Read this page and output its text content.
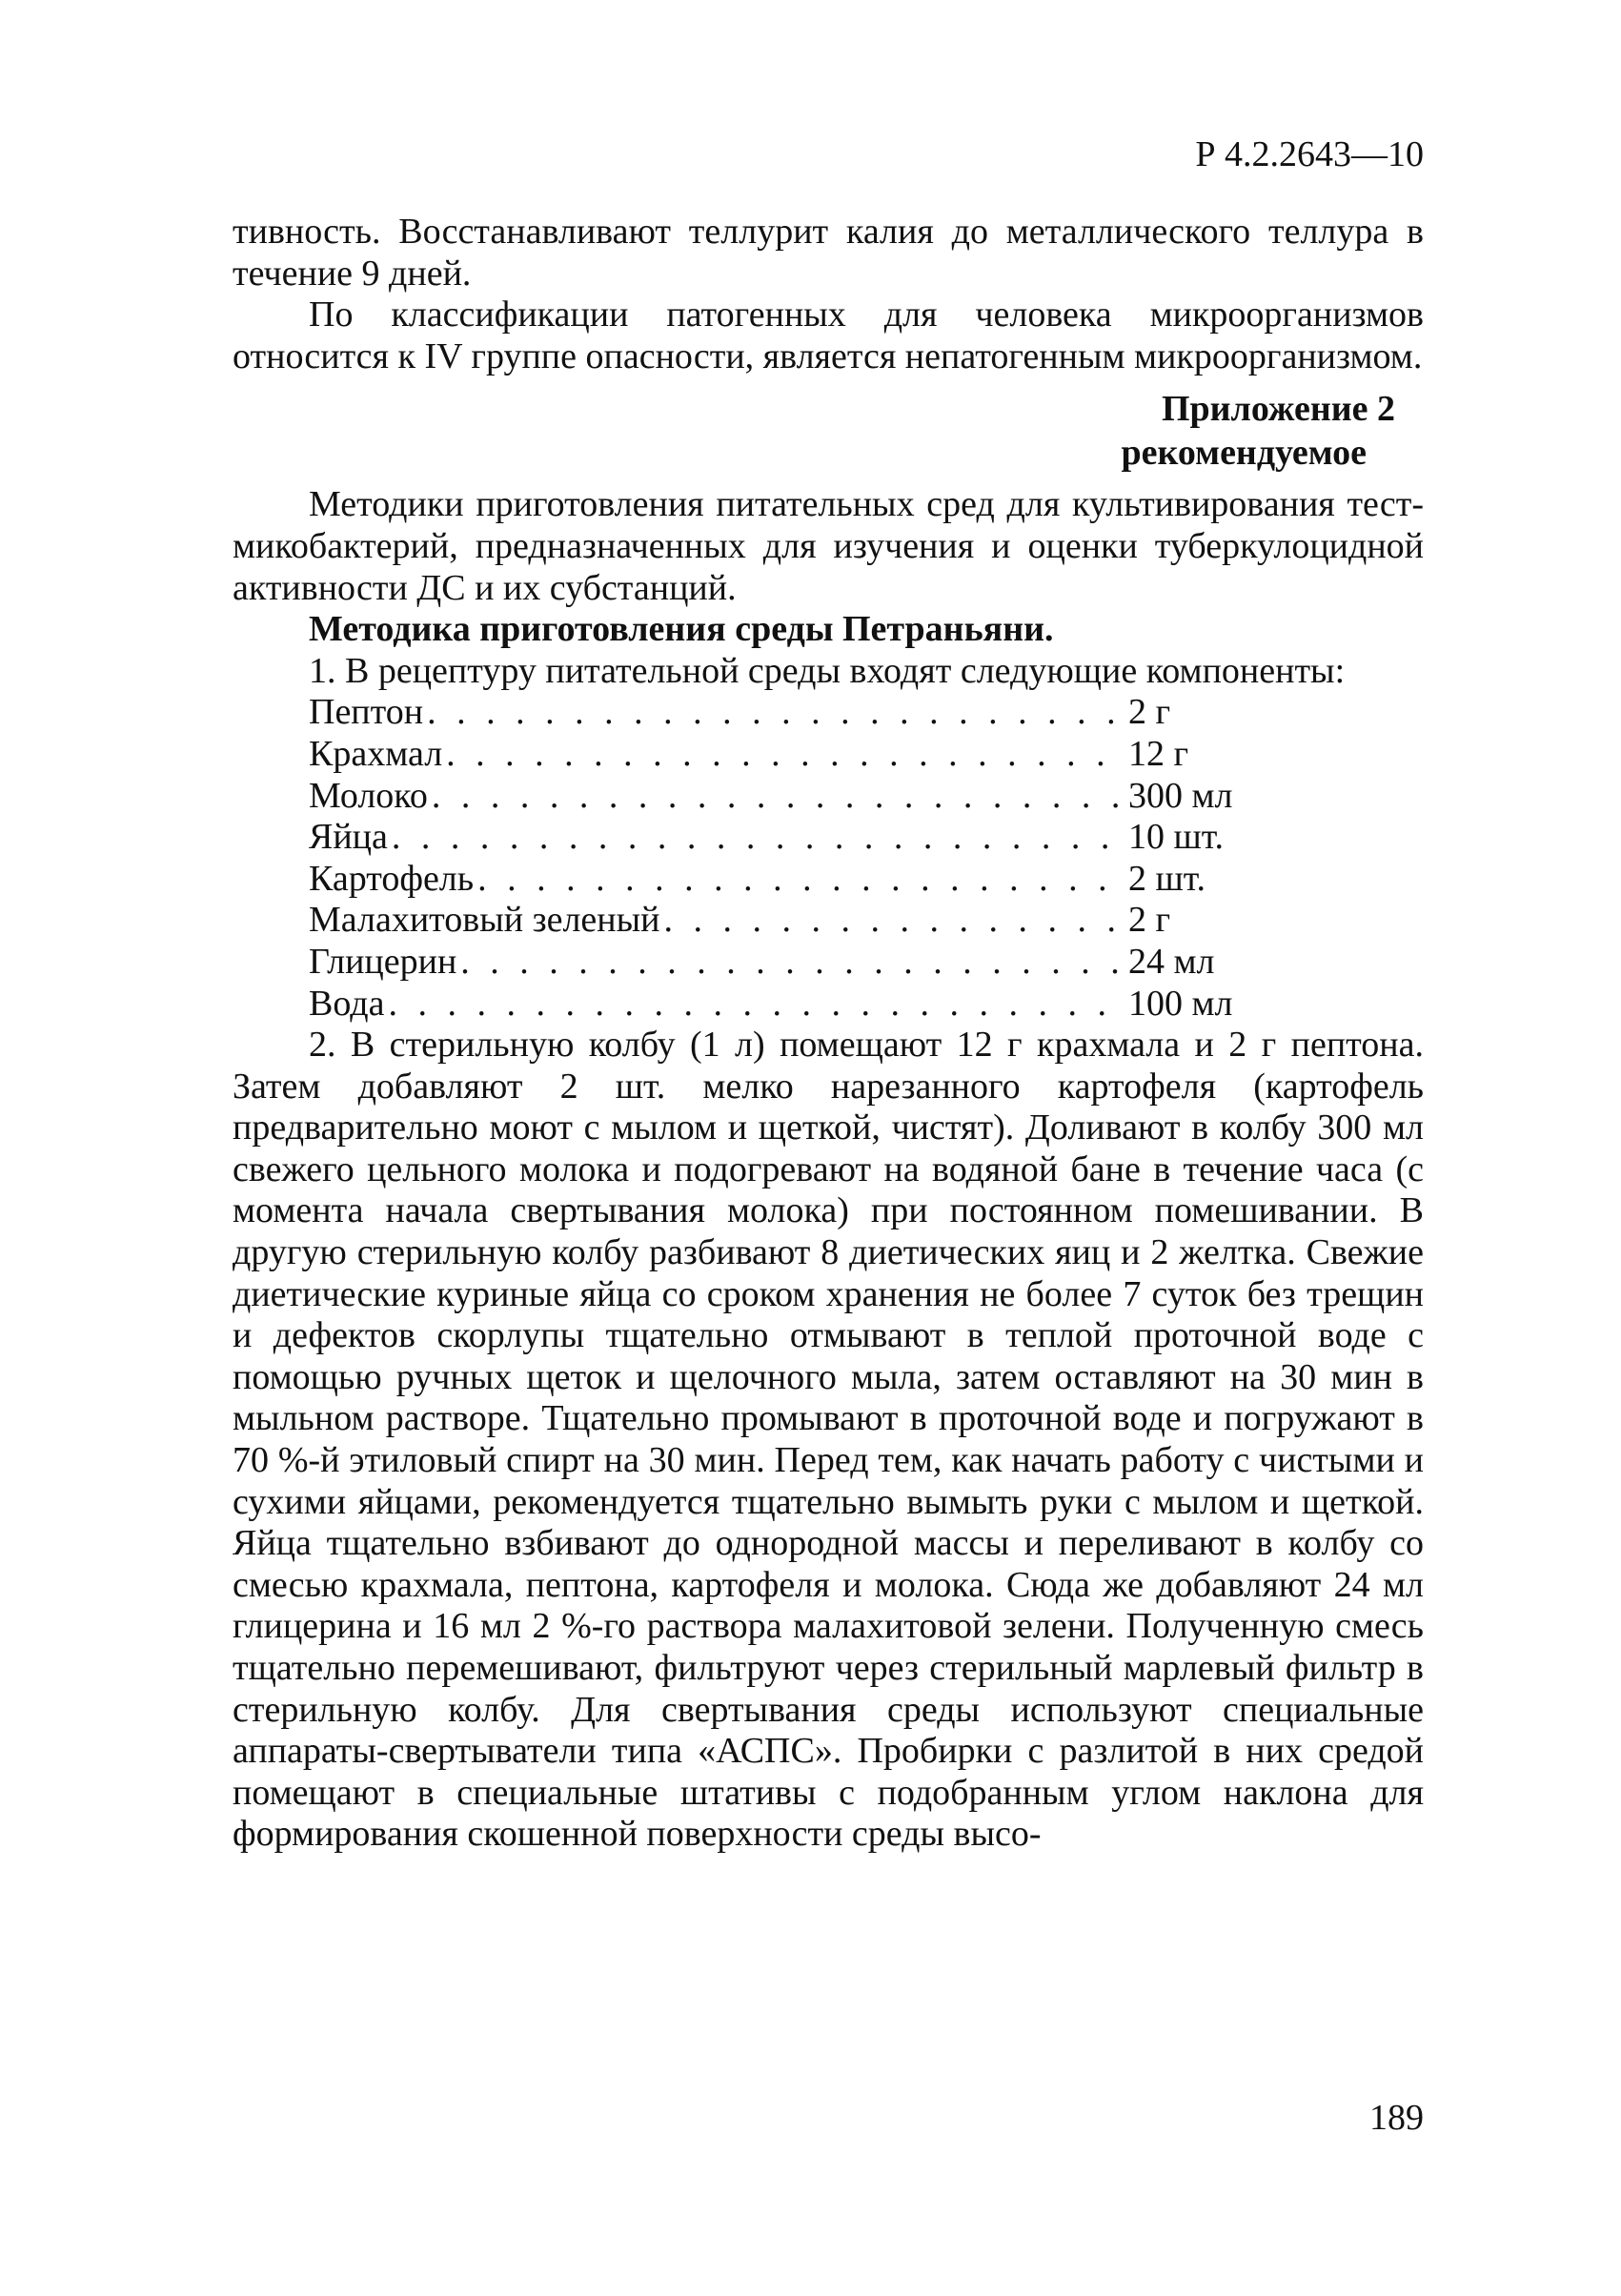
Р 4.2.2643—10

тивность. Восстанавливают теллурит калия до металлического теллура в течение 9 дней.

По классификации патогенных для человека микроорганизмов относится к IV группе опасности, является непатогенным микроорганизмом.

Приложение 2
рекомендуемое

Методики приготовления питательных сред для культивирования тест-микобактерий, предназначенных для изучения и оценки туберкулоцидной активности ДС и их субстанций.

Методика приготовления среды Петраньяни.

1. В рецептуру питательной среды входят следующие компоненты:

Пептон . . .	2 г
Крахмал . . .	12 г
Молоко . . .	300 мл
Яйца . . .	10 шт.
Картофель . . .	2 шт.
Малахитовый зеленый . . .	2 г
Глицерин . . .	24 мл
Вода . . .	100 мл

2. В стерильную колбу (1 л) помещают 12 г крахмала и 2 г пептона. Затем добавляют 2 шт. мелко нарезанного картофеля (картофель предварительно моют с мылом и щеткой, чистят). Доливают в колбу 300 мл свежего цельного молока и подогревают на водяной бане в течение часа (с момента начала свертывания молока) при постоянном помешивании. В другую стерильную колбу разбивают 8 диетических яиц и 2 желтка. Свежие диетические куриные яйца со сроком хранения не более 7 суток без трещин и дефектов скорлупы тщательно отмывают в теплой проточной воде с помощью ручных щеток и щелочного мыла, затем оставляют на 30 мин в мыльном растворе. Тщательно промывают в проточной воде и погружают в 70 %-й этиловый спирт на 30 мин. Перед тем, как начать работу с чистыми и сухими яйцами, рекомендуется тщательно вымыть руки с мылом и щеткой. Яйца тщательно взбивают до однородной массы и переливают в колбу со смесью крахмала, пептона, картофеля и молока. Сюда же добавляют 24 мл глицерина и 16 мл 2 %-го раствора малахитовой зелени. Полученную смесь тщательно перемешивают, фильтруют через стерильный марлевый фильтр в стерильную колбу. Для свертывания среды используют специальные аппараты-свертыватели типа «АСПС». Пробирки с разлитой в них средой помещают в специальные штативы с подобранным углом наклона для формирования скошенной поверхности среды высо-

189
